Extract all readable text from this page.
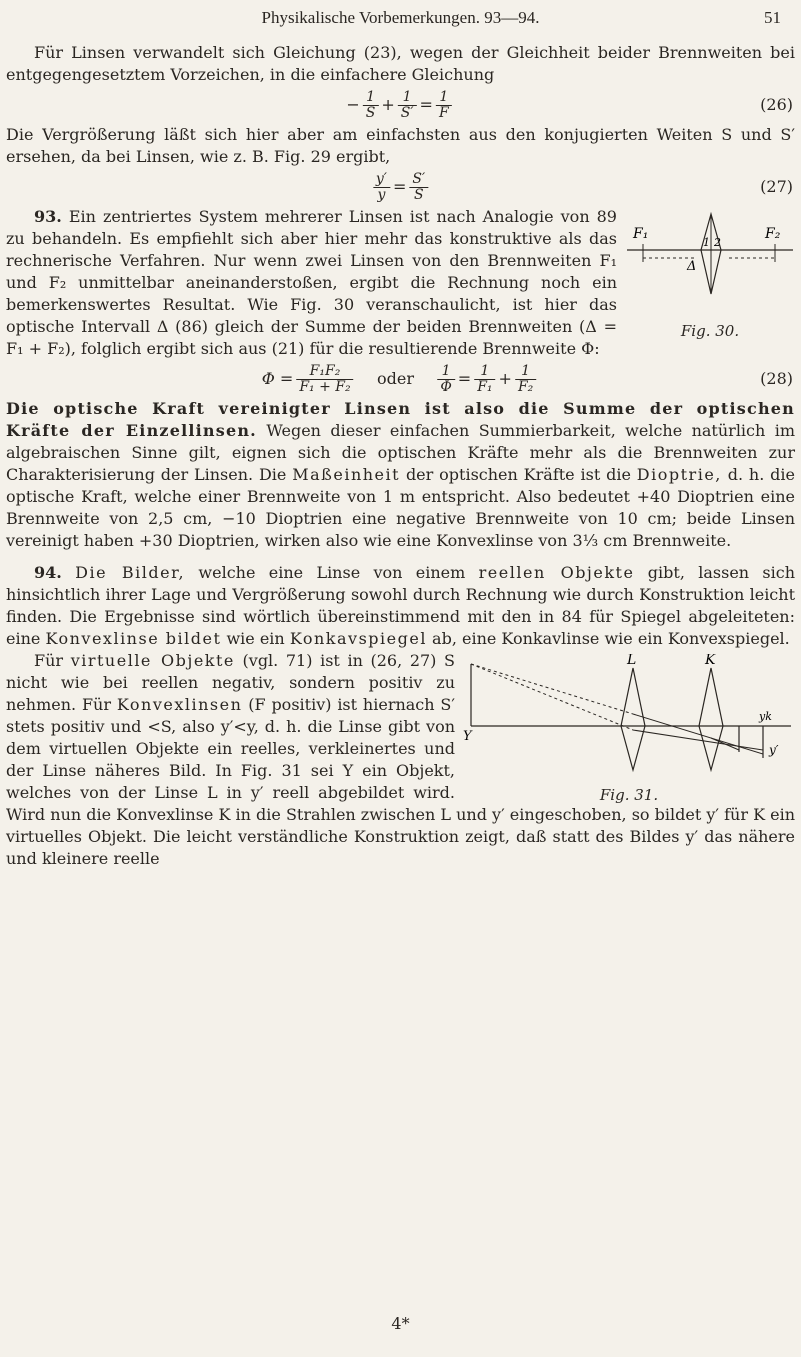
Physikalische Vorbemerkungen. 93—94.	51

Für Linsen verwandelt sich Gleichung (23), wegen der Gleichheit beider Brennweiten bei entgegengesetztem Vorzeichen, in die einfachere Gleichung

− $\frac{1}{S} + \frac{1}{S'} = \frac{1}{F}$	(26)

Die Vergrößerung läßt sich hier aber am einfachsten aus den konjugierten Weiten S und S′ ersehen, da bei Linsen, wie z. B. Fig. 29 ergibt,

$\frac{y'}{y} = \frac{S'}{S}$	(27)
F₁	F₂
1 2
Δ
Fig. 30.

93. Ein zentriertes System mehrerer Linsen ist nach Analogie von 89 zu behandeln. Es empfiehlt sich aber hier mehr das konstruktive als das rechnerische Verfahren. Nur wenn zwei Linsen von den Brennweiten F₁ und F₂ unmittelbar aneinanderstoßen, ergibt die Rechnung noch ein bemerkenswertes Resultat. Wie Fig. 30 veranschaulicht, ist hier das optische Intervall Δ (86) gleich der Summe der beiden Brennweiten (Δ = F₁ + F₂), folglich ergibt sich aus (21) für die resultierende Brennweite Φ:

$\Phi = \frac{\text{F₁F₂}}{\text{F₁ + F₂}}$ oder $\frac{1}{\Phi} = \frac{1}{\text{F₁}} + \frac{1}{\text{F₂}}$	(28)

Die optische Kraft vereinigter Linsen ist also die Summe der optischen Kräfte der Einzellinsen. Wegen dieser einfachen Summierbarkeit, welche natürlich im algebraischen Sinne gilt, eignen sich die optischen Kräfte mehr als die Brennweiten zur Charakterisierung der Linsen. Die Maßeinheit der optischen Kräfte ist die Dioptrie, d. h. die optische Kraft, welche einer Brennweite von 1 m entspricht. Also bedeutet +40 Dioptrien eine Brennweite von 2,5 cm, −10 Dioptrien eine negative Brennweite von 10 cm; beide Linsen vereinigt haben +30 Dioptrien, wirken also wie eine Konvexlinse von 3⅓ cm Brennweite.

94. Die Bilder, welche eine Linse von einem reellen Objekte gibt, lassen sich hinsichtlich ihrer Lage und Vergrößerung sowohl durch Rechnung wie durch Konstruktion leicht finden. Die Ergebnisse sind wörtlich übereinstimmend mit den in 84 für Spiegel abgeleiteten: eine Konvexlinse bildet wie ein Konkavspiegel ab, eine Konkavlinse wie ein Konvexspiegel.

L	K
Y
yk
y′
Fig. 31.

Für virtuelle Objekte (vgl. 71) ist in (26, 27) S nicht wie bei reellen negativ, sondern positiv zu nehmen. Für Konvexlinsen (F positiv) ist hiernach S′ stets positiv und <S, also y′<y, d. h. die Linse gibt von dem virtuellen Objekte ein reelles, verkleinertes und der Linse näheres Bild. In Fig. 31 sei Y ein Objekt, welches von der Linse L in y′ reell abgebildet wird. Wird nun die Konvexlinse K in die Strahlen zwischen L und y′ eingeschoben, so bildet y′ für K ein virtuelles Objekt. Die leicht verständliche Konstruktion zeigt, daß statt des Bildes y′ das nähere und kleinere reelle

4*
